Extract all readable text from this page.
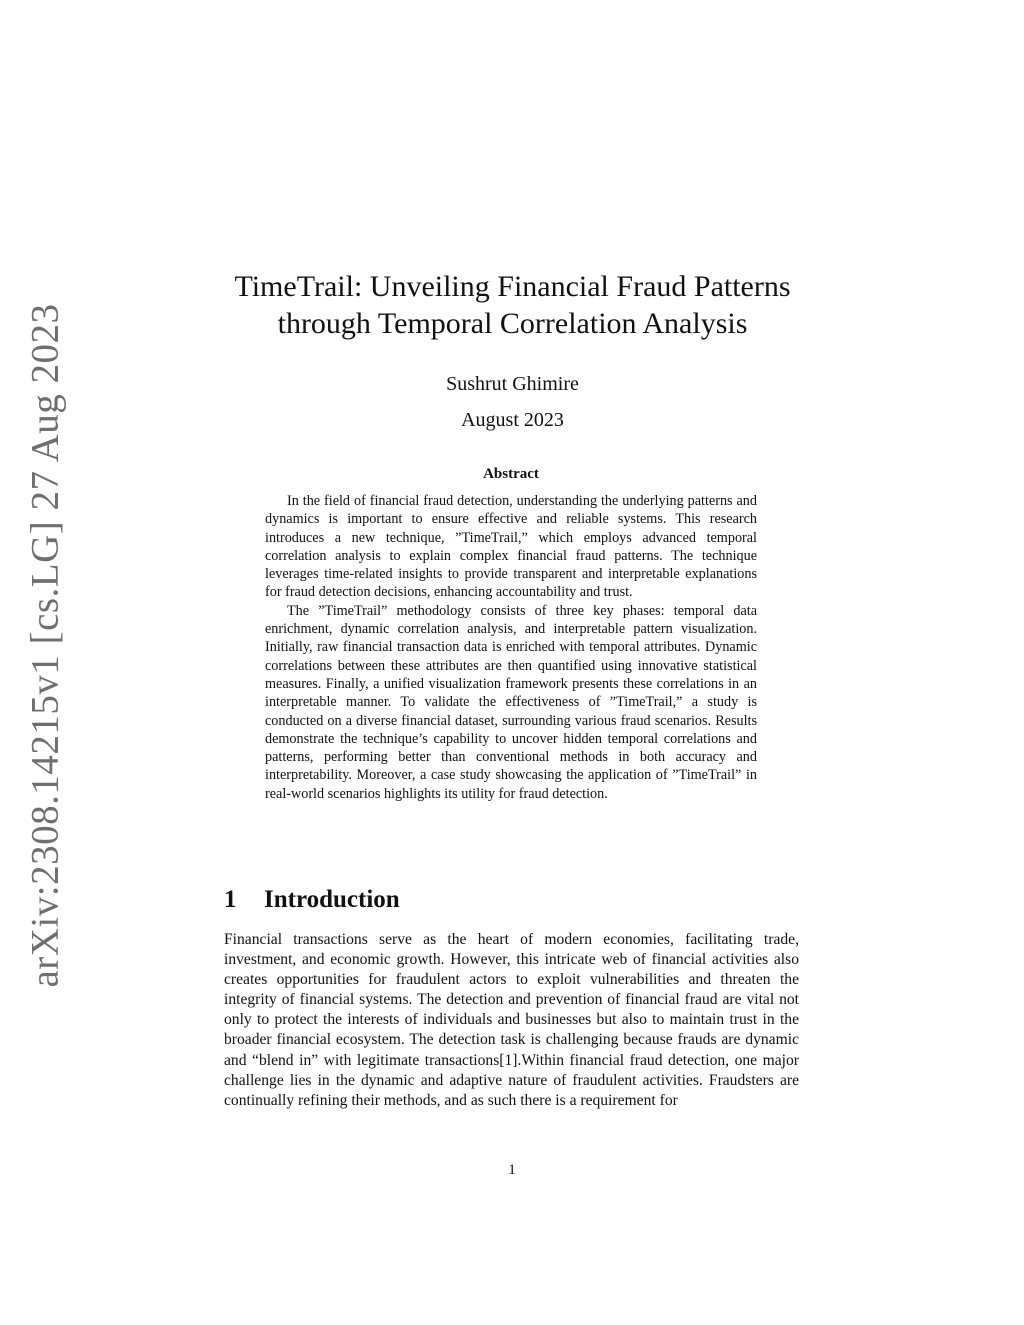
arXiv:2308.14215v1 [cs.LG] 27 Aug 2023
TimeTrail: Unveiling Financial Fraud Patterns
through Temporal Correlation Analysis
Sushrut Ghimire
August 2023
Abstract

In the field of financial fraud detection, understanding the underlying patterns and dynamics is important to ensure effective and reliable systems. This research introduces a new technique, ”TimeTrail,” which employs advanced temporal correlation analysis to explain complex financial fraud patterns. The technique leverages time-related insights to provide transparent and interpretable explanations for fraud detection decisions, enhancing accountability and trust.

The ”TimeTrail” methodology consists of three key phases: temporal data enrichment, dynamic correlation analysis, and interpretable pattern visualization. Initially, raw financial transaction data is enriched with temporal attributes. Dynamic correlations between these attributes are then quantified using innovative statistical measures. Finally, a unified visualization framework presents these correlations in an interpretable manner. To validate the effectiveness of ”TimeTrail,” a study is conducted on a diverse financial dataset, surrounding various fraud scenarios. Results demonstrate the technique’s capability to uncover hidden temporal correlations and patterns, performing better than conventional methods in both accuracy and interpretability. Moreover, a case study showcasing the application of ”TimeTrail” in real-world scenarios highlights its utility for fraud detection.

1 Introduction

Financial transactions serve as the heart of modern economies, facilitating trade, investment, and economic growth. However, this intricate web of financial activities also creates opportunities for fraudulent actors to exploit vulnerabilities and threaten the integrity of financial systems. The detection and prevention of financial fraud are vital not only to protect the interests of individuals and businesses but also to maintain trust in the broader financial ecosystem. The detection task is challenging because frauds are dynamic and “blend in” with legitimate transactions[1].Within financial fraud detection, one major challenge lies in the dynamic and adaptive nature of fraudulent activities. Fraudsters are continually refining their methods, and as such there is a requirement for

1
